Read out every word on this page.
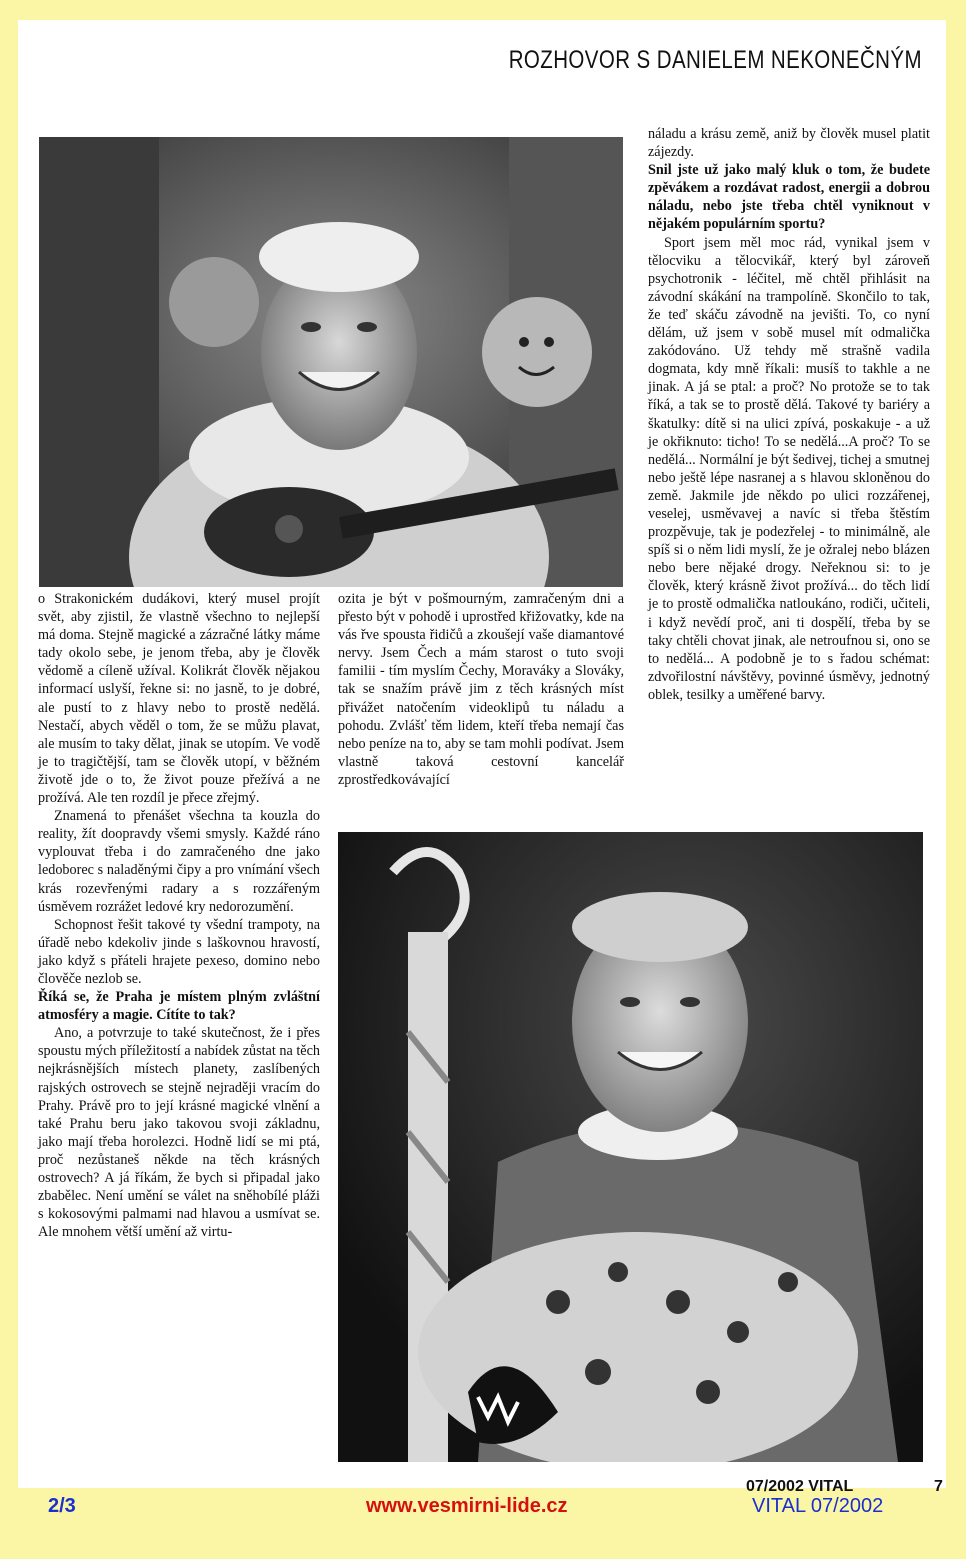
ROZHOVOR S DANIELEM NEKONEČNÝM

o Strakonickém dudákovi, který musel projít svět, aby zjistil, že vlastně všechno to nejlepší má doma. Stejně magické a zázračné látky máme tady okolo sebe, je jenom třeba, aby je člověk vědomě a cíleně užíval. Kolikrát člověk nějakou informací uslyší, řekne si: no jasně, to je dobré, ale pustí to z hlavy nebo to prostě nedělá. Nestačí, abych věděl o tom, že se můžu plavat, ale musím to taky dělat, jinak se utopím. Ve vodě je to tragičtější, tam se člověk utopí, v běžném životě jde o to, že život pouze přežívá a ne prožívá. Ale ten rozdíl je přece zřejmý.

Znamená to přenášet všechna ta kouzla do reality, žít doopravdy všemi smysly. Každé ráno vyplouvat třeba i do zamračeného dne jako ledoborec s naladěnými čipy a pro vnímání všech krás rozevřenými radary a s rozzářeným úsměvem rozrážet ledové kry nedorozumění.

Schopnost řešit takové ty všední trampoty, na úřadě nebo kdekoliv jinde s laškovnou hravostí, jako když s přáteli hrajete pexeso, domino nebo člověče nezlob se.

Říká se, že Praha je místem plným zvláštní atmosféry a magie. Cítíte to tak?

Ano, a potvrzuje to také skutečnost, že i přes spoustu mých příležitostí a nabídek zůstat na těch nejkrásnějších místech planety, zaslíbených rajských ostrovech se stejně nejraději vracím do Prahy. Právě pro to její krásné magické vlnění a také Prahu beru jako takovou svoji základnu, jako mají třeba horolezci. Hodně lidí se mi ptá, proč nezůstaneš někde na těch krásných ostrovech? A já říkám, že bych si připadal jako zbabělec. Není umění se válet na sněhobílé pláži s kokosovými palmami nad hlavou a usmívat se. Ale mnohem větší umění až virtu-

ozita je být v pošmourným, zamračeným dni a přesto být v pohodě i uprostřed křižovatky, kde na vás řve spousta řidičů a zkoušejí vaše diamantové nervy. Jsem Čech a mám starost o tuto svoji familii - tím myslím Čechy, Moraváky a Slováky, tak se snažím právě jim z těch krásných míst přivážet natočením videoklipů tu náladu a pohodu. Zvlášť těm lidem, kteří třeba nemají čas nebo peníze na to, aby se tam mohli podívat. Jsem vlastně taková cestovní kancelář zprostředkovávající

náladu a krásu země, aniž by člověk musel platit zájezdy.

Snil jste už jako malý kluk o tom, že budete zpěvákem a rozdávat radost, energii a dobrou náladu, nebo jste třeba chtěl vyniknout v nějakém populárním sportu?

Sport jsem měl moc rád, vynikal jsem v tělocviku a tělocvikář, který byl zároveň psychotronik - léčitel, mě chtěl přihlásit na závodní skákání na trampolíně. Skončilo to tak, že teď skáču závodně na jevišti. To, co nyní dělám, už jsem v sobě musel mít odmalička zakódováno. Už tehdy mě strašně vadila dogmata, kdy mně říkali: musíš to takhle a ne jinak. A já se ptal: a proč? No protože se to tak říká, a tak se to prostě dělá. Takové ty bariéry a škatulky: dítě si na ulici zpívá, poskakuje - a už je okřiknuto: ticho! To se nedělá...A proč? To se nedělá... Normální je být šedivej, tichej a smutnej nebo ještě lépe nasranej a s hlavou skloněnou do země. Jakmile jde někdo po ulici rozzářenej, veselej, usměvavej a navíc si třeba štěstím prozpěvuje, tak je podezřelej - to minimálně, ale spíš si o něm lidi myslí, že je ožralej nebo blázen nebo bere nějaké drogy. Neřeknou si: to je člověk, který krásně život prožívá... do těch lidí je to prostě odmalička natloukáno, rodiči, učiteli, i když nevědí proč, ani ti dospělí, třeba by se taky chtěli chovat jinak, ale netroufnou si, ono se to nedělá... A podobně je to s řadou schémat: zdvořilostní návštěvy, povinné úsměvy, jednotný oblek, tesilky a uměřené barvy.

07/2002 VITAL	7
2/3	www.vesmirni-lide.cz	VITAL 07/2002
